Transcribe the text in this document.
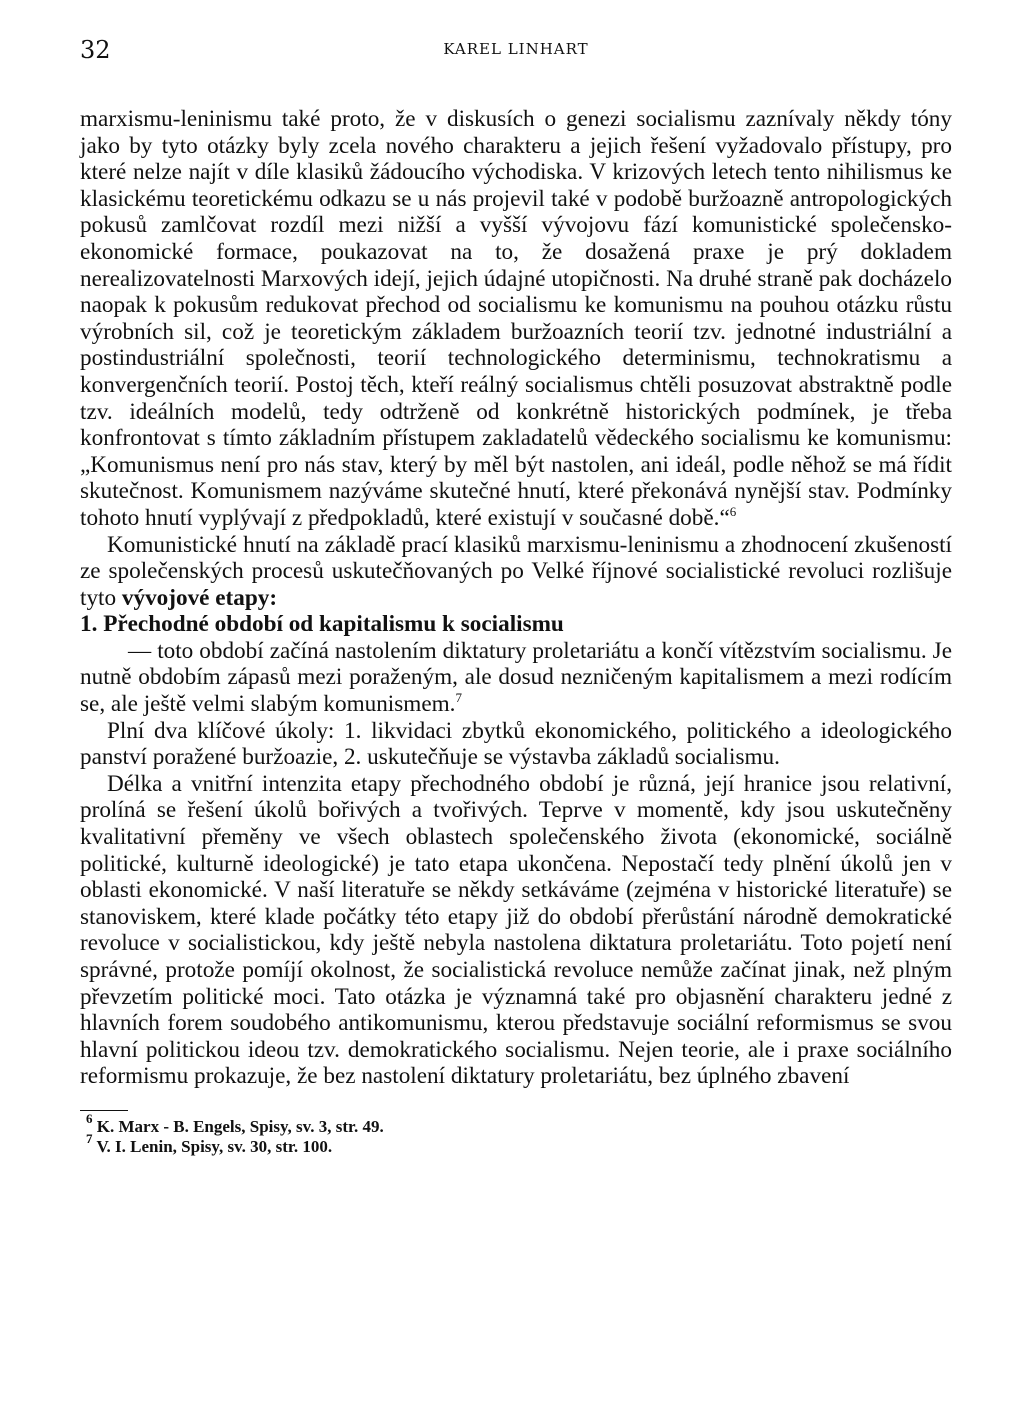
32	KAREL LINHART

marxismu-leninismu také proto, že v diskusích o genezi socialismu zaznívaly někdy tóny jako by tyto otázky byly zcela nového charakteru a jejich řešení vyžadovalo přístupy, pro které nelze najít v díle klasiků žádoucího východiska. V krizových letech tento nihilismus ke klasickému teoretickému odkazu se u nás projevil také v podobě buržoazně antropologických pokusů zamlčovat rozdíl mezi nižší a vyšší vývojovu fází komunistické společensko-ekonomické formace, poukazovat na to, že dosažená praxe je prý dokladem nerealizovatelnosti Marxových idejí, jejich údajné utopičnosti. Na druhé straně pak docházelo naopak k pokusům redukovat přechod od socialismu ke komunismu na pouhou otázku růstu výrobních sil, což je teoretickým základem buržoazních teorií tzv. jednotné industriální a postindustriální společnosti, teorií technologického determinismu, technokratismu a konvergenčních teorií. Postoj těch, kteří reálný socialismus chtěli posuzovat abstraktně podle tzv. ideálních modelů, tedy odtrženě od konkrétně historických podmínek, je třeba konfrontovat s tímto základním přístupem zakladatelů vědeckého socialismu ke komunismu: „Komunismus není pro nás stav, který by měl být nastolen, ani ideál, podle něhož se má řídit skutečnost. Komunismem nazýváme skutečné hnutí, které překonává nynější stav. Podmínky tohoto hnutí vyplývají z předpokladů, které existují v současné době.“$^6$

Komunistické hnutí na základě prací klasiků marxismu-leninismu a zhodnocení zkušeností ze společenských procesů uskutečňovaných po Velké říjnové socialistické revoluci rozlišuje tyto vývojové etapy:

1. Přechodné období od kapitalismu k socialismu

— toto období začíná nastolením diktatury proletariátu a končí vítězstvím socialismu. Je nutně obdobím zápasů mezi poraženým, ale dosud nezničeným kapitalismem a mezi rodícím se, ale ještě velmi slabým komunismem.$^7$

Plní dva klíčové úkoly: 1. likvidaci zbytků ekonomického, politického a ideologického panství poražené buržoazie, 2. uskutečňuje se výstavba základů socialismu.

Délka a vnitřní intenzita etapy přechodného období je různá, její hranice jsou relativní, prolíná se řešení úkolů bořivých a tvořivých. Teprve v momentě, kdy jsou uskutečněny kvalitativní přeměny ve všech oblastech společenského života (ekonomické, sociálně politické, kulturně ideologické) je tato etapa ukončena. Nepostačí tedy plnění úkolů jen v oblasti ekonomické. V naší literatuře se někdy setkáváme (zejména v historické literatuře) se stanoviskem, které klade počátky této etapy již do období přerůstání národně demokratické revoluce v socialistickou, kdy ještě nebyla nastolena diktatura proletariátu. Toto pojetí není správné, protože pomíjí okolnost, že socialistická revoluce nemůže začínat jinak, než plným převzetím politické moci. Tato otázka je významná také pro objasnění charakteru jedné z hlavních forem soudobého antikomunismu, kterou představuje sociální reformismus se svou hlavní politickou ideou tzv. demokratického socialismu. Nejen teorie, ale i praxe sociálního reformismu prokazuje, že bez nastolení diktatury proletariátu, bez úplného zbavení

$^6$ K. Marx - B. Engels, Spisy, sv. 3, str. 49.
$^7$ V. I. Lenin, Spisy, sv. 30, str. 100.
